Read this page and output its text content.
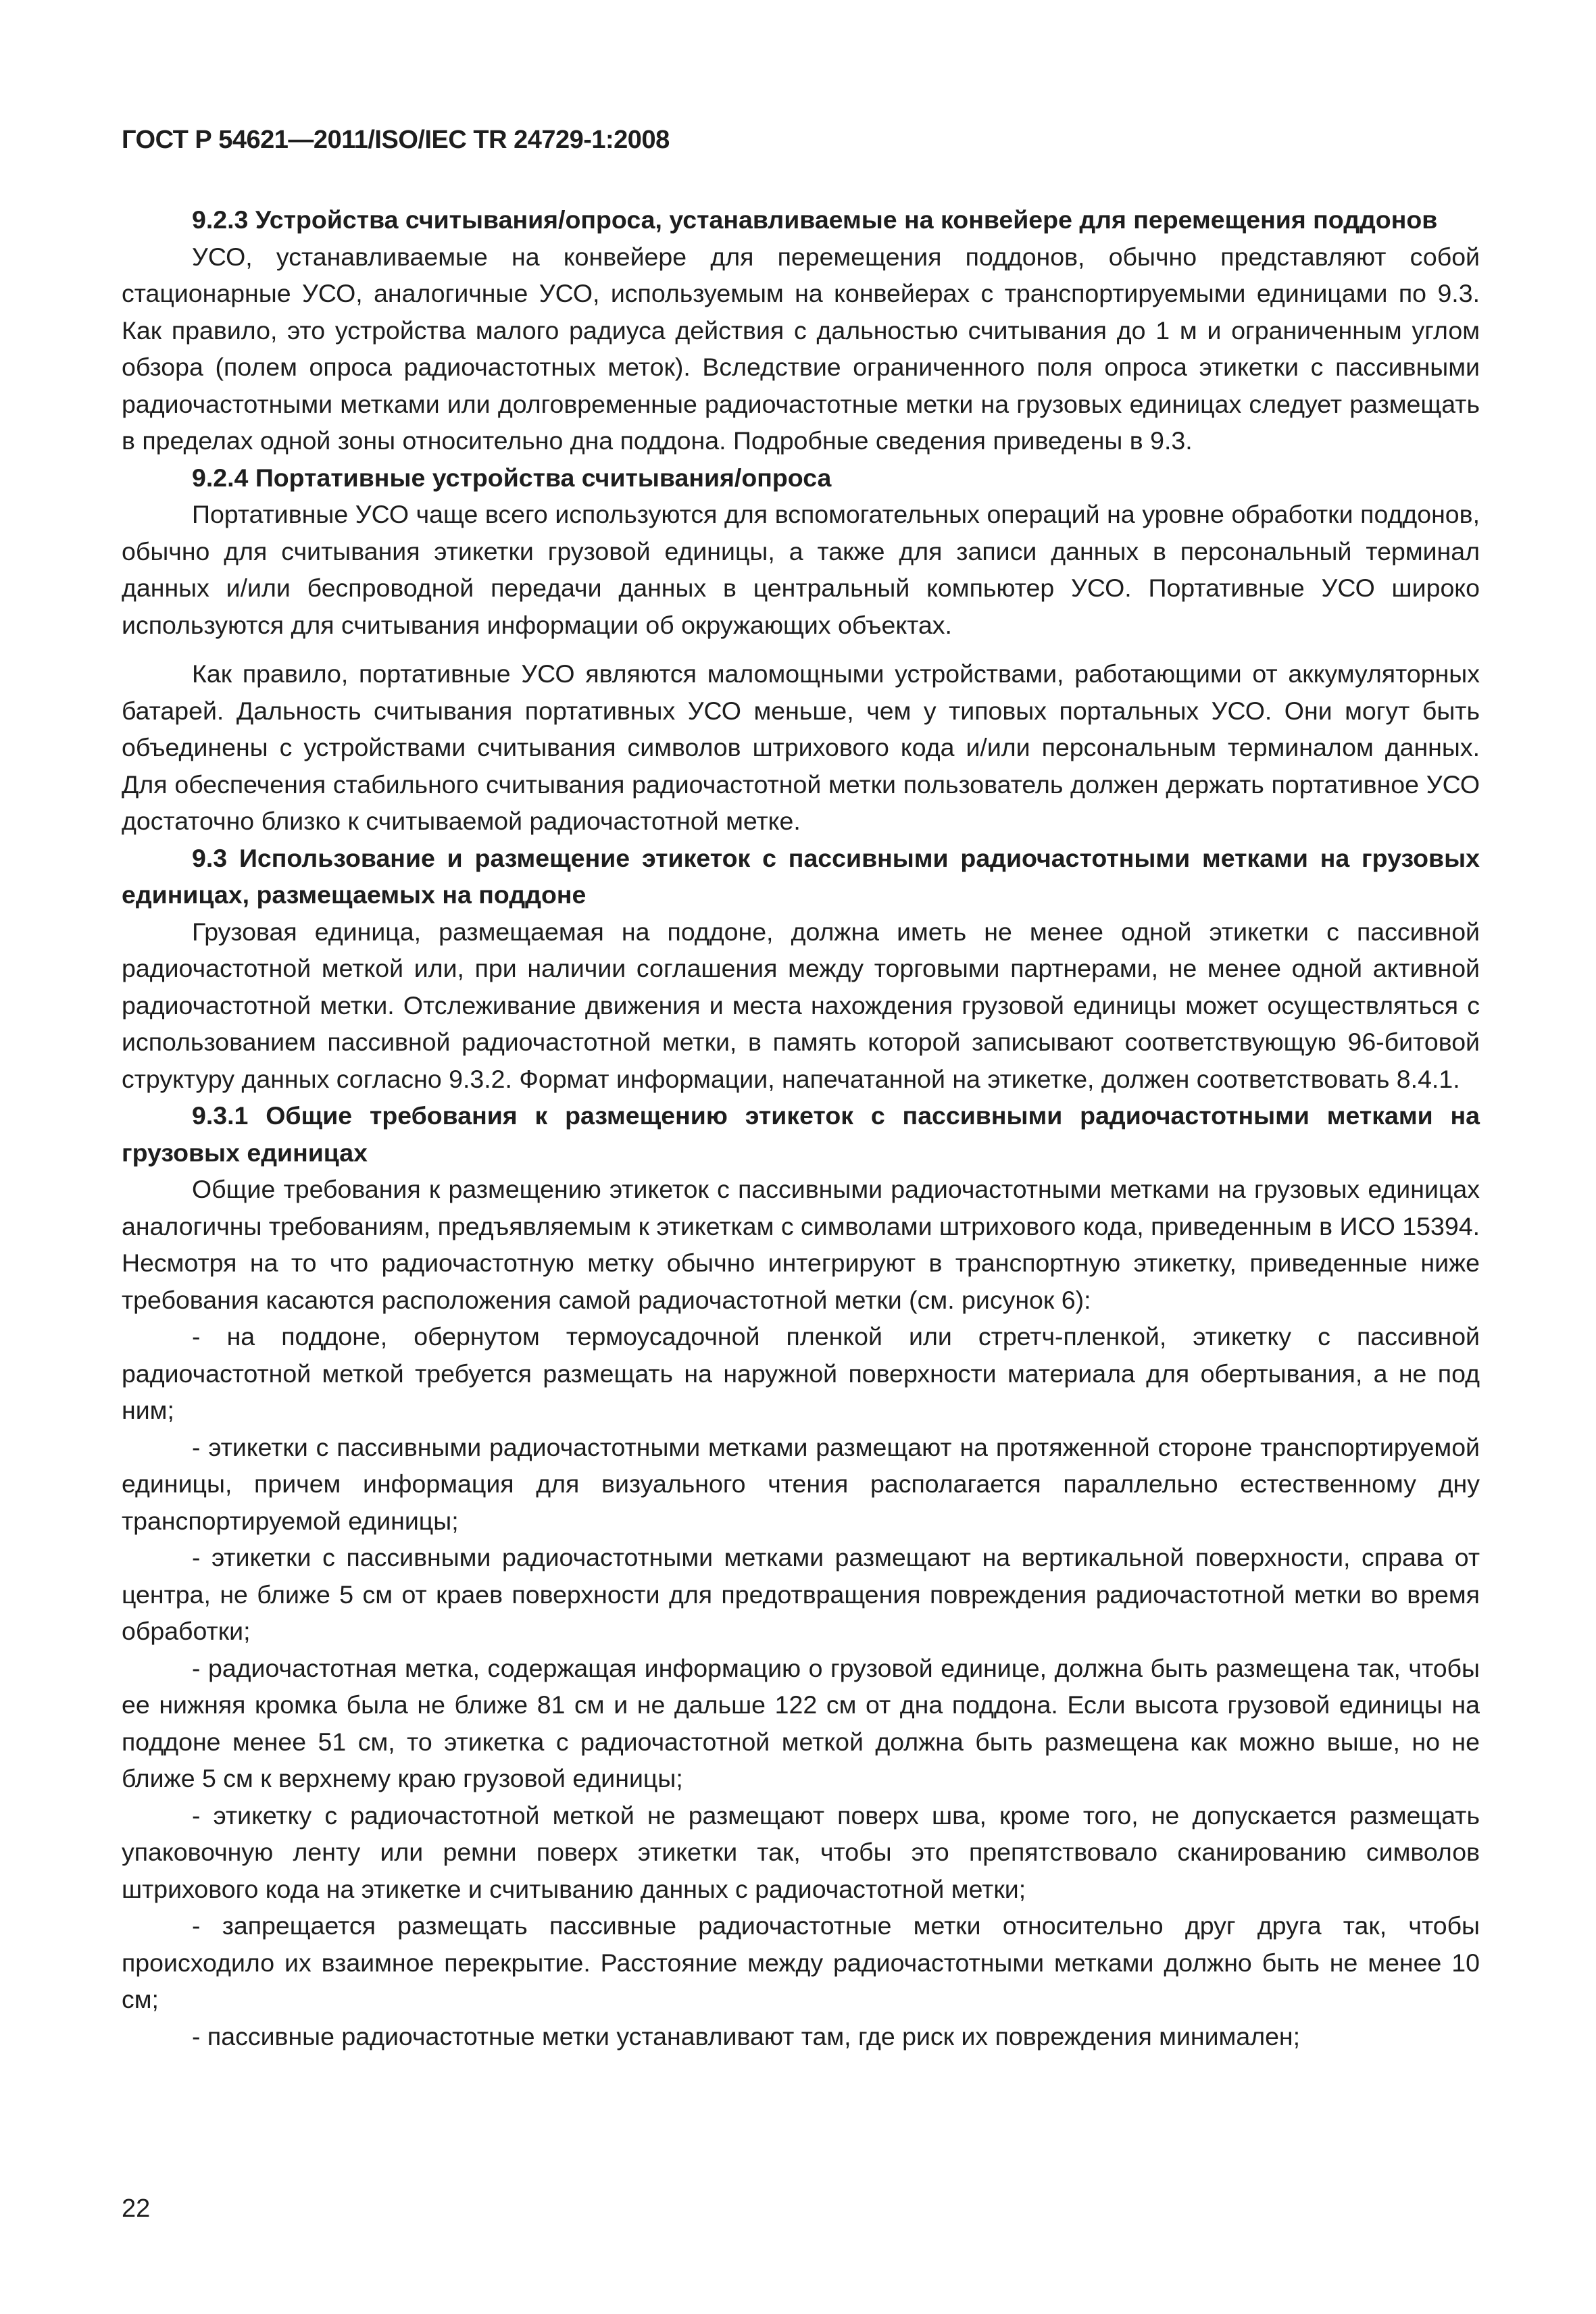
ГОСТ Р 54621—2011/ISO/IEC TR 24729-1:2008

9.2.3 Устройства считывания/опроса, устанавливаемые на конвейере для перемещения поддонов

УСО, устанавливаемые на конвейере для перемещения поддонов, обычно представляют собой стационарные УСО, аналогичные УСО, используемым на конвейерах с транспортируемыми единицами по 9.3. Как правило, это устройства малого радиуса действия с дальностью считывания до 1 м и ограниченным углом обзора (полем опроса радиочастотных меток). Вследствие ограниченного поля опроса этикетки с пассивными радиочастотными метками или долговременные радиочастотные метки на грузовых единицах следует размещать в пределах одной зоны относительно дна поддона. Подробные сведения приведены в 9.3.

9.2.4 Портативные устройства считывания/опроса

Портативные УСО чаще всего используются для вспомогательных операций на уровне обработки поддонов, обычно для считывания этикетки грузовой единицы, а также для записи данных в персональный терминал данных и/или беспроводной передачи данных в центральный компьютер УСО. Портативные УСО широко используются для считывания информации об окружающих объектах.

Как правило, портативные УСО являются маломощными устройствами, работающими от аккумуляторных батарей. Дальность считывания портативных УСО меньше, чем у типовых портальных УСО. Они могут быть объединены с устройствами считывания символов штрихового кода и/или персональным терминалом данных. Для обеспечения стабильного считывания радиочастотной метки пользователь должен держать портативное УСО достаточно близко к считываемой радиочастотной метке.

9.3 Использование и размещение этикеток с пассивными радиочастотными метками на грузовых единицах, размещаемых на поддоне

Грузовая единица, размещаемая на поддоне, должна иметь не менее одной этикетки с пассивной радиочастотной меткой или, при наличии соглашения между торговыми партнерами, не менее одной активной радиочастотной метки. Отслеживание движения и места нахождения грузовой единицы может осуществляться с использованием пассивной радиочастотной метки, в память которой записывают соответствующую 96-битовой структуру данных согласно 9.3.2. Формат информации, напечатанной на этикетке, должен соответствовать 8.4.1.

9.3.1 Общие требования к размещению этикеток с пассивными радиочастотными метками на грузовых единицах

Общие требования к размещению этикеток с пассивными радиочастотными метками на грузовых единицах аналогичны требованиям, предъявляемым к этикеткам с символами штрихового кода, приведенным в ИСО 15394. Несмотря на то что радиочастотную метку обычно интегрируют в транспортную этикетку, приведенные ниже требования касаются расположения самой радиочастотной метки (см. рисунок 6):

- на поддоне, обернутом термоусадочной пленкой или стретч-пленкой, этикетку с пассивной радиочастотной меткой требуется размещать на наружной поверхности материала для обертывания, а не под ним;

- этикетки с пассивными радиочастотными метками размещают на протяженной стороне транспортируемой единицы, причем информация для визуального чтения располагается параллельно естественному дну транспортируемой единицы;

- этикетки с пассивными радиочастотными метками размещают на вертикальной поверхности, справа от центра, не ближе 5 см от краев поверхности для предотвращения повреждения радиочастотной метки во время обработки;

- радиочастотная метка, содержащая информацию о грузовой единице, должна быть размещена так, чтобы ее нижняя кромка была не ближе 81 см и не дальше 122 см от дна поддона. Если высота грузовой единицы на поддоне менее 51 см, то этикетка с радиочастотной меткой должна быть размещена как можно выше, но не ближе 5 см к верхнему краю грузовой единицы;

- этикетку с радиочастотной меткой не размещают поверх шва, кроме того, не допускается размещать упаковочную ленту или ремни поверх этикетки так, чтобы это препятствовало сканированию символов штрихового кода на этикетке и считыванию данных с радиочастотной метки;

- запрещается размещать пассивные радиочастотные метки относительно друг друга так, чтобы происходило их взаимное перекрытие. Расстояние между радиочастотными метками должно быть не менее 10 см;

- пассивные радиочастотные метки устанавливают там, где риск их повреждения минимален;

22
